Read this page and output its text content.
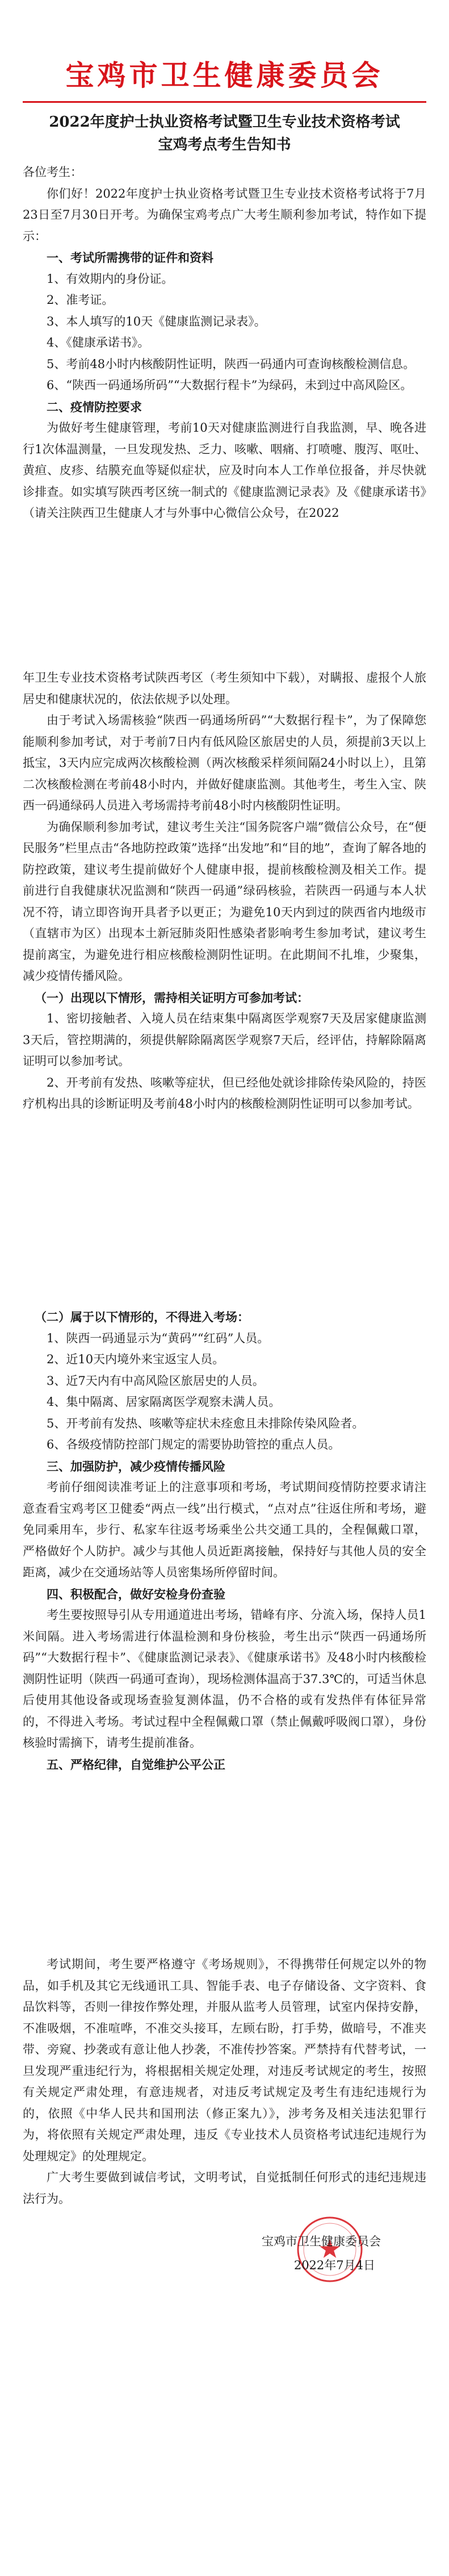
宝鸡市卫生健康委员会
2022年度护士执业资格考试暨卫生专业技术资格考试
宝鸡考点考生告知书

各位考生：

你们好！2022年度护士执业资格考试暨卫生专业技术资格考试将于7月23日至7月30日开考。为确保宝鸡考点广大考生顺利参加考试，特作如下提示：

一、考试所需携带的证件和资料

1、有效期内的身份证。

2、准考证。

3、本人填写的10天《健康监测记录表》。

4、《健康承诺书》。

5、考前48小时内核酸阴性证明，陕西一码通内可查询核酸检测信息。

6、“陕西一码通场所码”“大数据行程卡”为绿码，未到过中高风险区。

二、疫情防控要求

为做好考生健康管理，考前10天对健康监测进行自我监测，早、晚各进行1次体温测量，一旦发现发热、乏力、咳嗽、咽痛、打喷嚏、腹泻、呕吐、黄疸、皮疹、结膜充血等疑似症状，应及时向本人工作单位报备，并尽快就诊排查。如实填写陕西考区统一制式的《健康监测记录表》及《健康承诺书》（请关注陕西卫生健康人才与外事中心微信公众号，在2022

年卫生专业技术资格考试陕西考区（考生须知中下载），对瞒报、虚报个人旅居史和健康状况的，依法依规予以处理。

由于考试入场需核验“陕西一码通场所码”“大数据行程卡”，为了保障您能顺利参加考试，对于考前7日内有低风险区旅居史的人员，须提前3天以上抵宝，3天内应完成两次核酸检测（两次核酸采样须间隔24小时以上），且第二次核酸检测在考前48小时内，并做好健康监测。其他考生，考生入宝、陕西一码通绿码人员进入考场需持考前48小时内核酸阴性证明。

为确保顺利参加考试，建议考生关注“国务院客户端”微信公众号，在“便民服务”栏里点击“各地防控政策”选择“出发地”和“目的地”，查询了解各地的防控政策，建议考生提前做好个人健康申报，提前核酸检测及相关工作。提前进行自我健康状况监测和“陕西一码通”绿码核验，若陕西一码通与本人状况不符，请立即咨询开具者予以更正；为避免10天内到过的陕西省内地级市（直辖市为区）出现本土新冠肺炎阳性感染者影响考生参加考试，建议考生提前离宝，为避免进行相应核酸检测阴性证明。在此期间不扎堆，少聚集，减少疫情传播风险。

（一）出现以下情形，需持相关证明方可参加考试：

1、密切接触者、入境人员在结束集中隔离医学观察7天及居家健康监测3天后，管控期满的，须提供解除隔离医学观察7天后，经评估，持解除隔离证明可以参加考试。

2、开考前有发热、咳嗽等症状，但已经他处就诊排除传染风险的，持医疗机构出具的诊断证明及考前48小时内的核酸检测阴性证明可以参加考试。

（二）属于以下情形的，不得进入考场：

1、陕西一码通显示为“黄码”“红码”人员。

2、近10天内境外来宝返宝人员。

3、近7天内有中高风险区旅居史的人员。

4、集中隔离、居家隔离医学观察未满人员。

5、开考前有发热、咳嗽等症状未痊愈且未排除传染风险者。

6、各级疫情防控部门规定的需要协助管控的重点人员。

三、加强防护，减少疫情传播风险

考前仔细阅读准考证上的注意事项和考场，考试期间疫情防控要求请注意查看宝鸡考区卫健委“两点一线”出行模式，“点对点”往返住所和考场，避免同乘用车，步行、私家车往返考场乘坐公共交通工具的，全程佩戴口罩，严格做好个人防护。减少与其他人员近距离接触，保持好与其他人员的安全距离，减少在交通场站等人员密集场所停留时间。

四、积极配合，做好安检身份查验

考生要按照导引从专用通道进出考场，错峰有序、分流入场，保持人员1米间隔。进入考场需进行体温检测和身份核验，考生出示“陕西一码通场所码”“大数据行程卡”、《健康监测记录表》、《健康承诺书》及48小时内核酸检测阴性证明（陕西一码通可查询），现场检测体温高于37.3℃的，可适当休息后使用其他设备或现场查验复测体温，仍不合格的或有发热伴有体征异常的，不得进入考场。考试过程中全程佩戴口罩（禁止佩戴呼吸阀口罩），身份核验时需摘下，请考生提前准备。

五、严格纪律，自觉维护公平公正

考试期间，考生要严格遵守《考场规则》，不得携带任何规定以外的物品，如手机及其它无线通讯工具、智能手表、电子存储设备、文字资料、食品饮料等，否则一律按作弊处理，并服从监考人员管理，试室内保持安静，不准吸烟，不准喧哗，不准交头接耳，左顾右盼，打手势，做暗号，不准夹带、旁窥、抄袭或有意让他人抄袭，不准传抄答案。严禁持有代替考试，一旦发现严重违纪行为，将根据相关规定处理，对违反考试规定的考生，按照有关规定严肃处理，有意违规者，对违反考试规定及考生有违纪违规行为的，依照《中华人民共和国刑法（修正案九）》，涉考务及相关违法犯罪行为，将依照有关规定严肃处理，违反《专业技术人员资格考试违纪违规行为处理规定》的处理规定。

广大考生要做到诚信考试，文明考试，自觉抵制任何形式的违纪违规违法行为。

宝鸡市卫生健康委员会
2022年7月4日
